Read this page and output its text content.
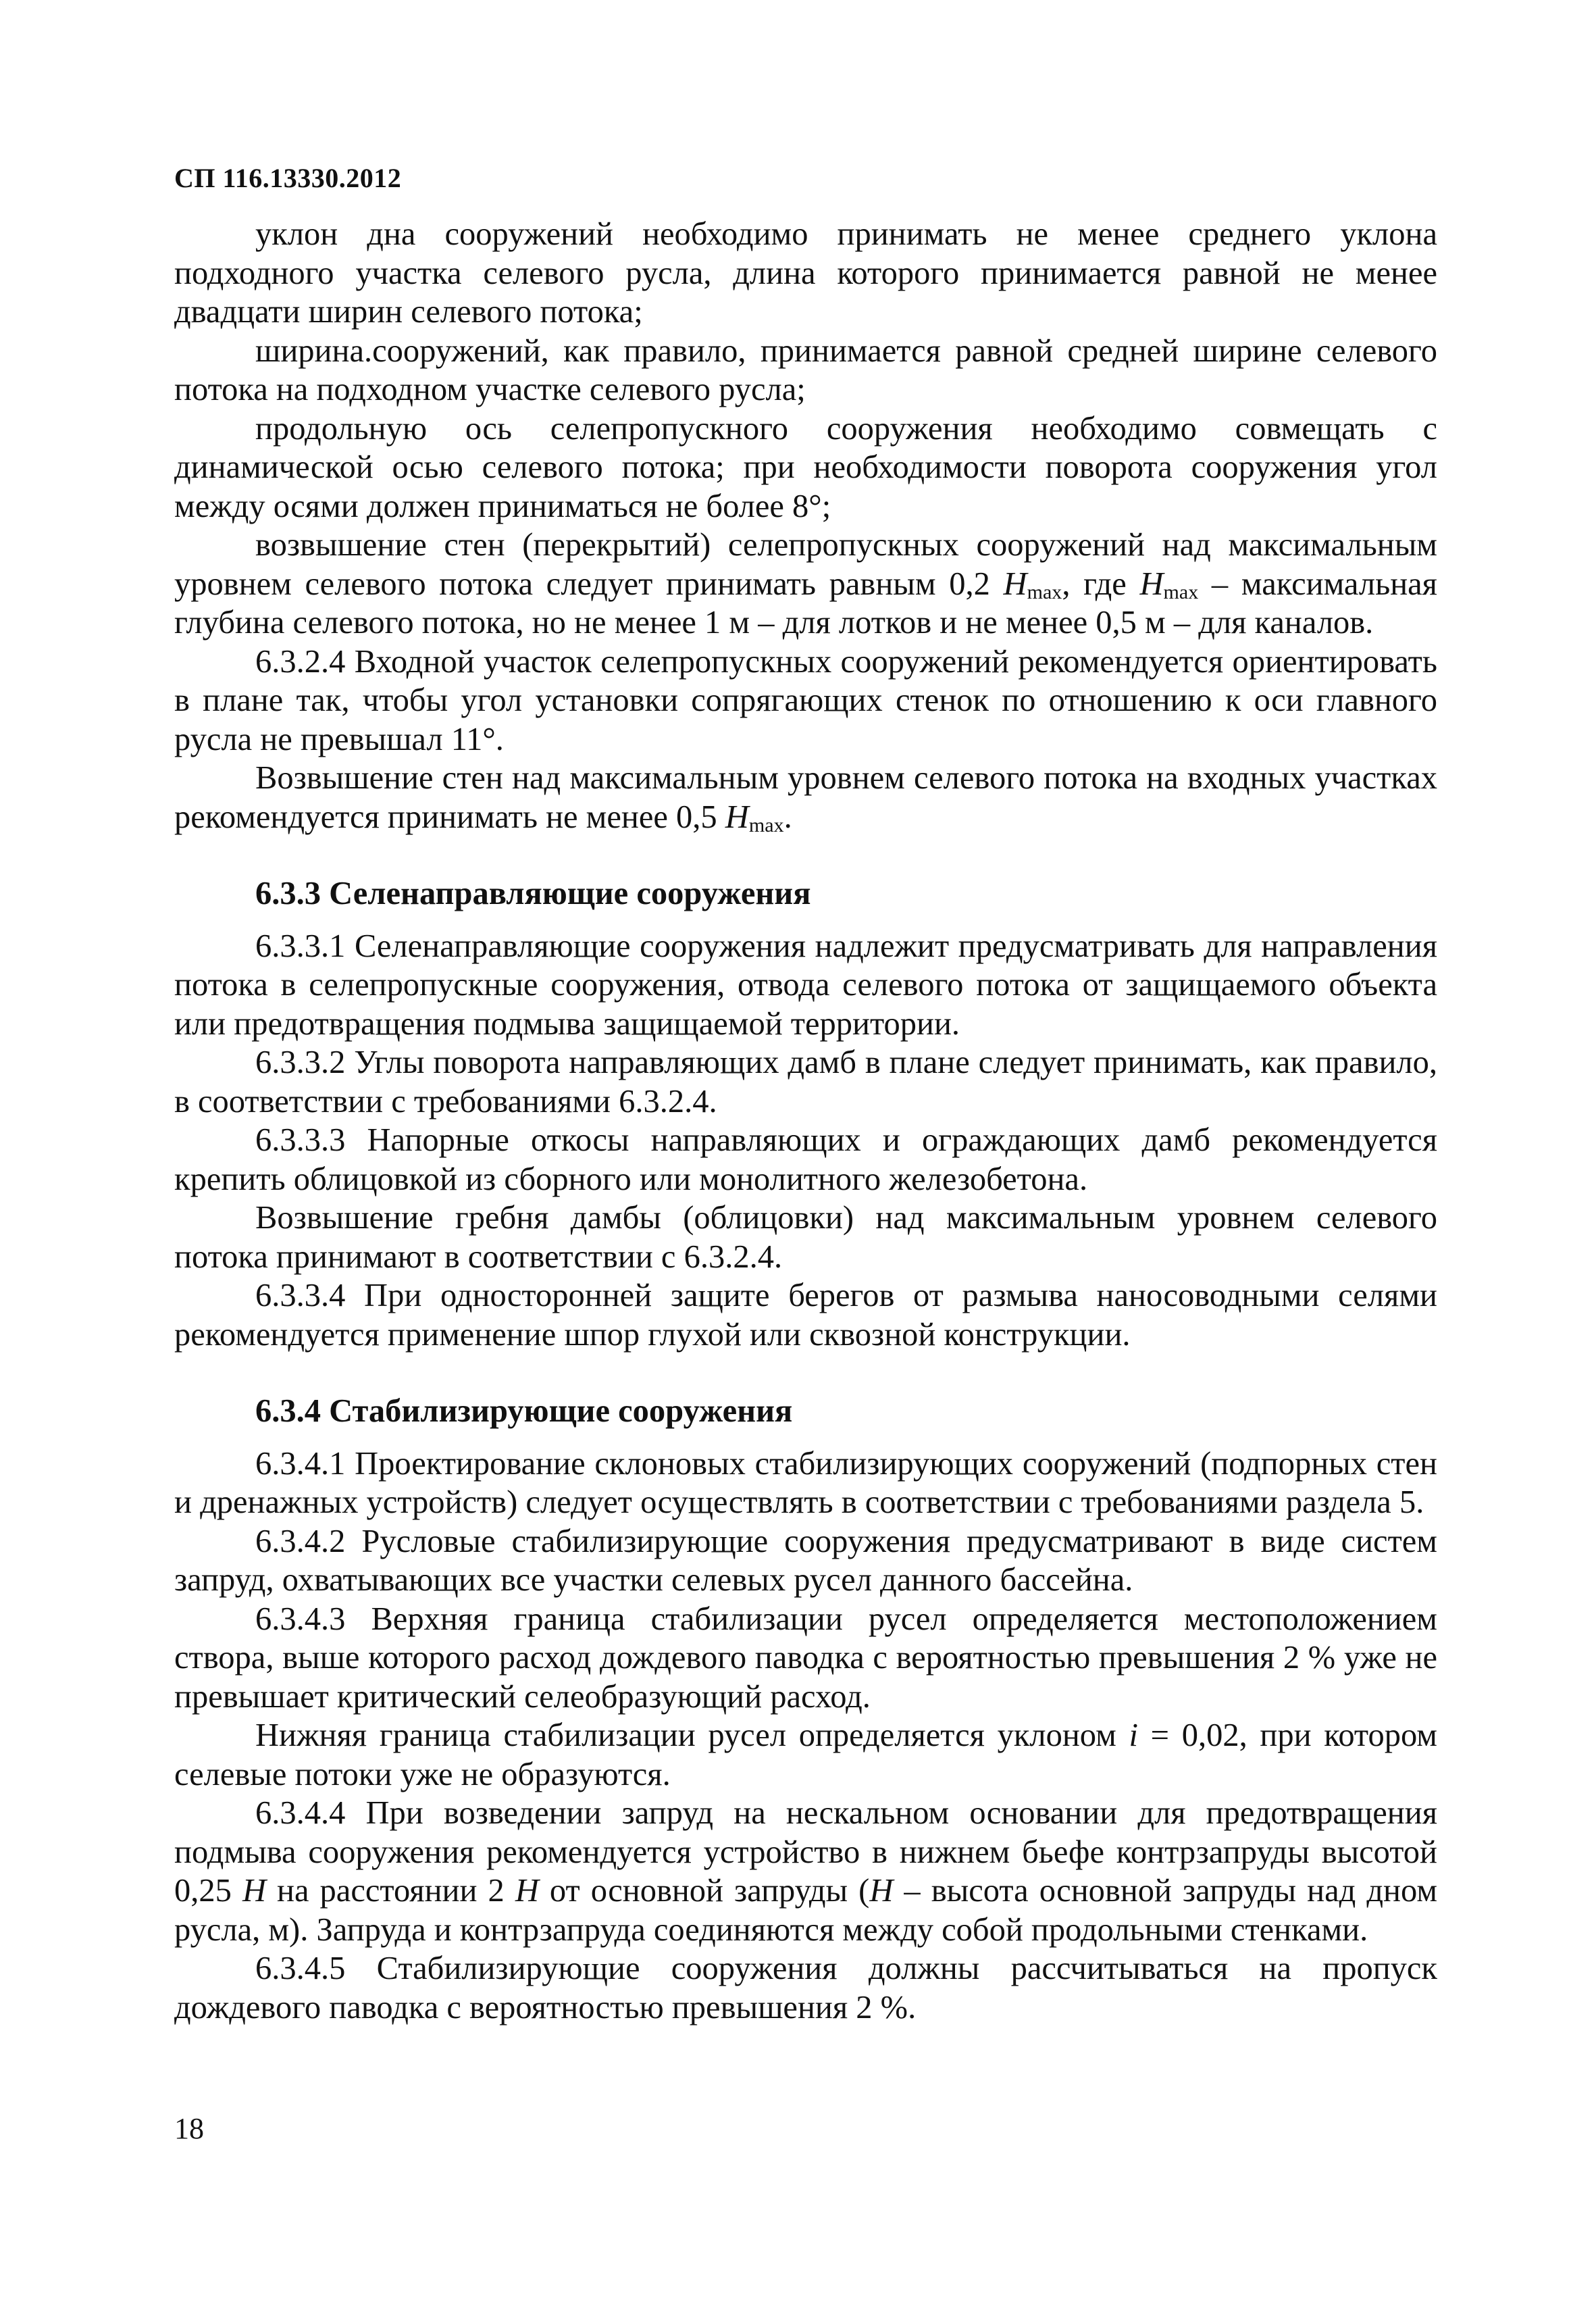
СП 116.13330.2012

уклон дна сооружений необходимо принимать не менее среднего уклона подходного участка селевого русла, длина которого принимается равной не менее двадцати ширин селевого потока;

ширина.сооружений, как правило, принимается равной средней ширине селевого потока на подходном участке селевого русла;

продольную ось селепропускного сооружения необходимо совмещать с динамической осью селевого потока; при необходимости поворота сооружения угол между осями должен приниматься не более 8°;

возвышение стен (перекрытий) селепропускных сооружений над максимальным уровнем селевого потока следует принимать равным 0,2 $H_{max}$, где $H_{max}$ – максимальная глубина селевого потока, но не менее 1 м – для лотков и не менее 0,5 м – для каналов.

6.3.2.4 Входной участок селепропускных сооружений рекомендуется ориентировать в плане так, чтобы угол установки сопрягающих стенок по отношению к оси главного русла не превышал 11°.

Возвышение стен над максимальным уровнем селевого потока на входных участках рекомендуется принимать не менее 0,5 $H_{max}$.

6.3.3 Селенаправляющие сооружения

6.3.3.1 Селенаправляющие сооружения надлежит предусматривать для направления потока в селепропускные сооружения, отвода селевого потока от защищаемого объекта или предотвращения подмыва защищаемой территории.

6.3.3.2 Углы поворота направляющих дамб в плане следует принимать, как правило, в соответствии с требованиями 6.3.2.4.

6.3.3.3 Напорные откосы направляющих и ограждающих дамб рекомендуется крепить облицовкой из сборного или монолитного железобетона.

Возвышение гребня дамбы (облицовки) над максимальным уровнем селевого потока принимают в соответствии с 6.3.2.4.

6.3.3.4 При односторонней защите берегов от размыва наносоводными селями рекомендуется применение шпор глухой или сквозной конструкции.

6.3.4 Стабилизирующие сооружения

6.3.4.1 Проектирование склоновых стабилизирующих сооружений (подпорных стен и дренажных устройств) следует осуществлять в соответствии с требованиями раздела 5.

6.3.4.2 Русловые стабилизирующие сооружения предусматривают в виде систем запруд, охватывающих все участки селевых русел данного бассейна.

6.3.4.3 Верхняя граница стабилизации русел определяется местоположением створа, выше которого расход дождевого паводка с вероятностью превышения 2 % уже не превышает критический селеобразующий расход.

Нижняя граница стабилизации русел определяется уклоном i = 0,02, при котором селевые потоки уже не образуются.

6.3.4.4 При возведении запруд на нескальном основании для предотвращения подмыва сооружения рекомендуется устройство в нижнем бьефе контрзапруды высотой 0,25 H на расстоянии 2 H от основной запруды (H – высота основной запруды над дном русла, м). Запруда и контрзапруда соединяются между собой продольными стенками.

6.3.4.5 Стабилизирующие сооружения должны рассчитываться на пропуск дождевого паводка с вероятностью превышения 2 %.

18
